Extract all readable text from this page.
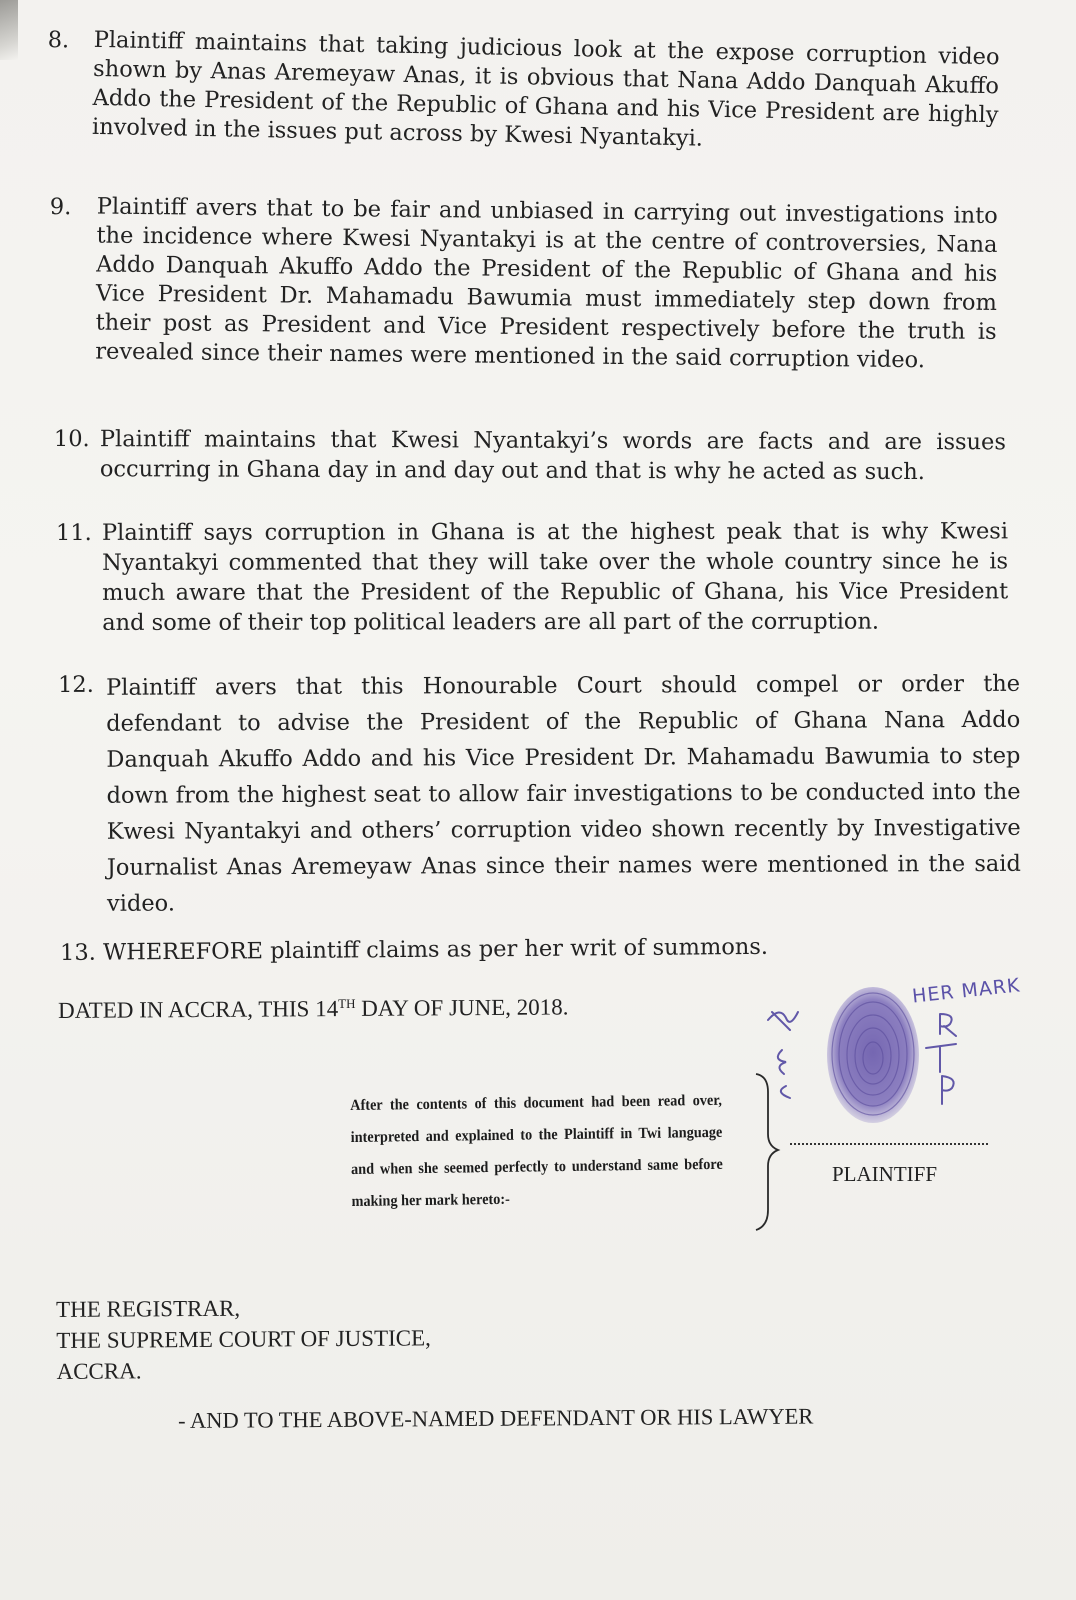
8. Plaintiff maintains that taking judicious look at the expose corruption video shown by Anas Aremeyaw Anas, it is obvious that Nana Addo Danquah Akuffo Addo the President of the Republic of Ghana and his Vice President are highly involved in the issues put across by Kwesi Nyantakyi.
9. Plaintiff avers that to be fair and unbiased in carrying out investigations into the incidence where Kwesi Nyantakyi is at the centre of controversies, Nana Addo Danquah Akuffo Addo the President of the Republic of Ghana and his Vice President Dr. Mahamadu Bawumia must immediately step down from their post as President and Vice President respectively before the truth is revealed since their names were mentioned in the said corruption video.
10. Plaintiff maintains that Kwesi Nyantakyi’s words are facts and are issues occurring in Ghana day in and day out and that is why he acted as such.
11. Plaintiff says corruption in Ghana is at the highest peak that is why Kwesi Nyantakyi commented that they will take over the whole country since he is much aware that the President of the Republic of Ghana, his Vice President and some of their top political leaders are all part of the corruption.
12. Plaintiff avers that this Honourable Court should compel or order the defendant to advise the President of the Republic of Ghana Nana Addo Danquah Akuffo Addo and his Vice President Dr. Mahamadu Bawumia to step down from the highest seat to allow fair investigations to be conducted into the Kwesi Nyantakyi and others’ corruption video shown recently by Investigative Journalist Anas Aremeyaw Anas since their names were mentioned in the said video.

13. WHEREFORE plaintiff claims as per her writ of summons.

DATED IN ACCRA, THIS 14TH DAY OF JUNE, 2018.

After the contents of this document had been read over, interpreted and explained to the Plaintiff in Twi language and when she seemed perfectly to understand same before making her mark hereto:-
HER MARK

PLAINTIFF

THE REGISTRAR,
THE SUPREME COURT OF JUSTICE,
ACCRA.

- AND TO THE ABOVE-NAMED DEFENDANT OR HIS LAWYER
